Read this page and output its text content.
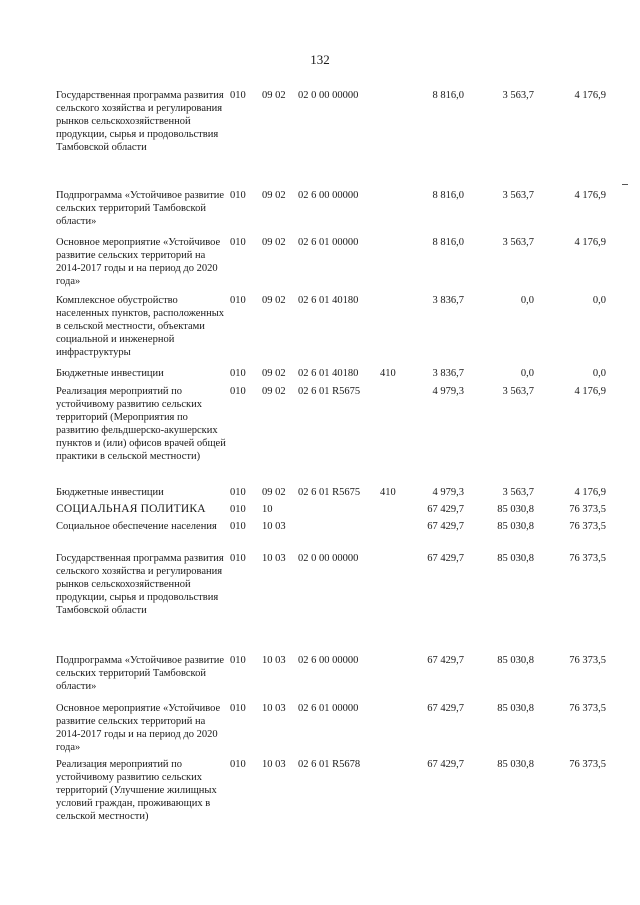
132
Государственная программа развития сельского хозяйства и регулирования рынков сельскохозяйственной продукции, сырья и продовольствия Тамбовской области
010	09 02 02 0 00 00000	8 816,0	3 563,7	4 176,9
Подпрограмма «Устойчивое развитие сельских территорий Тамбовской области»
010	09 02 02 6 00 00000	8 816,0	3 563,7	4 176,9
Основное мероприятие «Устойчивое развитие сельских территорий на 2014-2017 годы и на период до 2020 года»
010	09 02 02 6 01 00000	8 816,0	3 563,7	4 176,9
Комплексное обустройство населенных пунктов, расположенных в сельской местности, объектами социальной и инженерной инфраструктуры
010	09 02 02 6 01 40180	3 836,7	0,0	0,0
Бюджетные инвестиции	010	09 02 02 6 01 40180	410	3 836,7	0,0	0,0
Реализация мероприятий по устойчивому развитию сельских территорий (Мероприятия по развитию фельдшерско-акушерских пунктов и (или) офисов врачей общей практики в сельской местности)
010	09 02 02 6 01 R5675	4 979,3	3 563,7	4 176,9
Бюджетные инвестиции	010	09 02 02 6 01 R5675	410	4 979,3	3 563,7	4 176,9
СОЦИАЛЬНАЯ ПОЛИТИКА	010	10	67 429,7	85 030,8	76 373,5
Социальное обеспечение населения	010	10 03	67 429,7	85 030,8	76 373,5
Государственная программа развития сельского хозяйства и регулирования рынков сельскохозяйственной продукции, сырья и продовольствия Тамбовской области
010	10 03 02 0 00 00000	67 429,7	85 030,8	76 373,5
Подпрограмма «Устойчивое развитие сельских территорий Тамбовской области»
010	10 03 02 6 00 00000	67 429,7	85 030,8	76 373,5
Основное мероприятие «Устойчивое развитие сельских территорий на 2014-2017 годы и на период до 2020 года»
010	10 03 02 6 01 00000	67 429,7	85 030,8	76 373,5
Реализация мероприятий по устойчивому развитию сельских территорий (Улучшение жилищных условий граждан, проживающих в сельской местности)
010	10 03 02 6 01 R5678	67 429,7	85 030,8	76 373,5
